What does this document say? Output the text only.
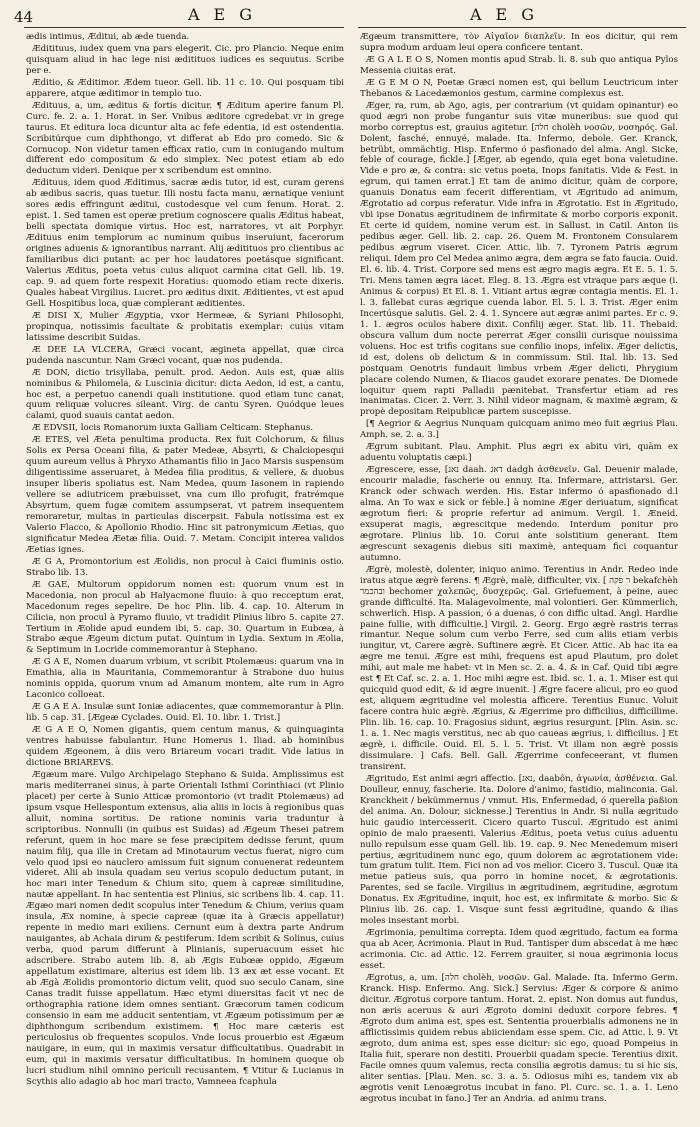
44	AEG	AEG

ædis intimus, Æditui, ab æde tuenda.

Æditituus, iudex quem vna pars elegerit. Cic. pro Plancio. Neque enim quisquam aliud in hac lege nisi æditituos iudices es sequutus. Scribe per e.

Æditio, & Æditimor. Ædem tueor. Gell. lib. 11 c. 10. Qui posquam tibi apparere, atque æditimor in templo tuo.

Ædituus, a, um, æditus & fortis dicitur. ¶ Æditum aperire fanum Pl. Curc. fe. 2. a. 1. Horat. in Ser. Vnibus æditore cgredebat vr in grege taurus. Et editura loca dicuntur alta ac fefe edentia, id est ostendentia. Scribitúrque cum diphthongo, vt differat ab Edo pro comedo. Sic & Cornucop. Non videtur tamen efficax ratio, cum in coniugando multum different edo compositum & edo simplex. Nec potest etiam ab edo deductum videri. Denique per x scribendum est omnino.

Ædituus, idem quod Æditimus, sacræ ædis tutor, id est, curam gerens ab ædibus sacris, quas tuetur. Illi nostu facta manu, ærnatique veniunt sores ædis effringunt æditui, custodesque vel cum fenum. Horat. 2. epist. 1. Sed tamen est operæ pretium cognoscere qualis Æditus habeat, belli spectata domique virtus. Hoc est, narratores, vt ait Porphyr. Ædituus enim templorum ac numinum quibus inseruiunt, facerorum origines aduenis & ignorantibus narrant. Alij æditituos pro clientibus ac familiaribus dici putant: ac per hoc laudatores poetásque significant. Valerius Æditus, poeta vetus cuius aliquot carmina citat Gell. lib. 19. cap. 9. ad quem forte respexit Horatius: quomodo etiam recte dixeris. Quales habeat Virgilius. Lucret. pro æditus dixit. Æditientes, vt est apud Gell. Hospitibus loca, quæ complerant æditientes.

Æ DISI X, Mulier Ægyptia, vxor Hermeæ, & Syriani Philosophi, propinqua, notissimis facultate & probitatis exemplar: cuius vitam latissime describit Suidas.

Æ DEE LA VLCERA, Græci vocant, ægineta appellat, quæ circa pudenda nascuntur. Nam Græci vocant, quæ nos pudenda.

Æ DON, dictio trisyllaba, penult. prod. Aedon. Auis est, quæ aliis nominibus & Philomela, & Luscinia dicitur: dicta Aedon, id est, a cantu, hoc est, a perpetuo canendi quali institutione. quod etiam tunc canat, quum reliquæ volucres sileant. Virg. de cantu Syren. Quódque leues calami, quod suauis cantat aedon.

Æ EDVSII, locis Romanorum iuxta Galliam Celticam. Stephanus.

Æ ETES, vel Æeta penultima producta. Rex fuit Colchorum, & filius Solis ex Persa Oceani filia, & pater Medeæ, Absyrti, & Chalciopesqui quum aureum vellus à Phryxo Athamantis filio in Jaco Marsis suspensum diligentissime asseruaret, à Medea filia proditus, & vellere, & duobus insuper liberis spoliatus est. Nam Medea, quum Iasonem in rapiendo vellere se adiutricem præbuisset, vna cum illo profugit, fratrémque Absyrtum, quem fugæ comitem assumpserat, vt patrem insequentem remoraretur, multas in particulas discerpsit. Fabula notissima est ex Valerio Flacco, & Apollonio Rhodio. Hinc sit patronymicum Æetias, quo significatur Medea Æetæ filia. Ouid. 7. Metam. Concipit interea validos Æetias ignes.

Æ G A, Promontorium est Æolidis, non procul à Caici fluminis ostio. Strabo lib. 13.

Æ GAE, Multorum oppidorum nomen est: quorum vnum est in Macedonia, non procul ab Halyacmone fluuio: à quo recceptum erat, Macedonum reges sepelire. De hoc Plin. lib. 4. cap. 10. Alterum in Cilicia, non procul à Pyramo fluuio, vt tradidit Plinius libro 5. capite 27. Tertium in Æolide apud eundem ibi, 5. cap. 30. Quartum in Eubœa, à Strabo æque Ægeum dictum putat. Quintum in Lydia. Sextum in Æolia, & Septimum in Locride commemorantur à Stephano.

Æ G A E, Nomen duarum vrbium, vt scribit Ptolemæus: quarum vna in Emathia, alia in Mauritania, Commemorantur à Strabone duo huius nominis oppida, quorum vnum ad Amanum montem, alte rum in Agro Laconico colloeat.

Æ G A E A. Insulæ sunt Ioniæ adiacentes, quæ commemorantur à Plin. lib. 5 cap. 31. [Ægeæ Cyclades. Ouid. El. 10. libr. 1. Trist.]

Æ G A E O, Nomen gigantis, quem centum manus, & quinquaginta ventres habuisse fabulantur. Hunc Homerus 1. Iliad. ab hominibus quidem Ægeonem, à diis vero Briareum vocari tradit. Vide latius in dictione BRIAREVS.

Ægæum mare. Vulgo Archipelago Stephano & Suida. Amplissimus est maris mediterranei sinus, à parte Orientali Isthmi Corinthiaci (vt Plinio placet) per certe à Sunio Atticæ promontorio (vt tradit Ptolemæus) ad ipsum vsque Hellespontum extensus, alia aliis in locis à regionibus quas alluit, nomina sortitus. De ratione nominis varia traduntur à scriptoribus. Nonnulli (in quibus est Suidas) ad Ægeum Thesei patrem referunt, quem in hoc mare se fese præcipitem dedisse ferunt, quum nauim filij, qua ille in Cretam ad Minotaurum vectus fuerat, nigro cum velo quod ipsi eo nauclero amissum fuit signum conuenerat redeuntem videret. Alii ab insula quadam seu verius scopulo deductum putant, in hoc mari inter Tenedum & Chium sito, quem à capreæ similitudine, nautæ appellant. In hac sententia est Plinius, sic scribens lib. 4. cap. 11. Ægæo mari nomen dedit scopulus inter Tenedum & Chium, verius quam insula, Æx nomine, à specie capreæ (quæ ita à Græcis appellatur) repente in medio mari exiliens. Cernunt eum à dextra parte Andrum nauigantes, ab Achaia dirum & pestiferum. Idem scribit & Solinus, cuius verba, quod parum differunt à Plinianis, superuacuum esset hic adscribere. Strabo autem lib. 8. ab Ægis Eubœæ oppido, Ægæum appellatum existimare, alterius est idem lib. 13 æx æt esse vocant. Et ab Ægà Æolidis promontorio dictum velit, quod suo seculo Canam, sine Canas tradit fuisse appellatum. Hæc etymi diuersitas facit vt nec de orthographia ratione idem omnes sentiant. Græcorum tamen codicum consensio in eam me adducit sententiam, vt Ægæum potissimum per æ diphthongum scribendum existimem. ¶ Hoc mare cæteris est periculosius ob frequentes scopulos. Vnde locus prouerbio est Ægæum nauigare, in eum, qui in maximis versatur difficultatibus. Quadrabit in eum, qui in maximis versatur difficultatibus. In hominem quoque ob lucri studium nihil omnino periculi recusantem. ¶ Vtitur & Lucianus in Scythis alio adagio ab hoc mari tracto, Vamneea fcaphula

Ægæum transmittere, τὸν Αἰγαῖον διαπλεῖν. In eos dicitur, qui rem supra modum arduam leui opera conficere tentant.

Æ G A L E O S, Nomen montis apud Strab. li. 8. sub quo antiqua Pylos Messenia ciuitas erat.

Æ G E M O N, Poetæ Græci nomen est, qui bellum Leuctricum inter Thebanos & Lacedæmonios gestum, carmine complexus est.

Æger, ra, rum, ab Ago, agis, per contrarium (vt quidam opinantur) eo quod ægri non probe fungantur suis vitæ muneribus: sue quod qui morbo correptus est, grauius agitetur. [חלה cholèh νοσῶν, νοσηρός. Gal. Dolent, fasché, ennuyé, malade. Ita. Infermo, debole. Ger. Kranck, betrübt, ommächtig. Hisp. Enfermo ó pasfionado del alma. Angl. Sicke, feble of courage, fickle.] [Æger, ab egendo, quia eget bona valetudine. Vide e pro æ, & contra: sic vetus poeta, Inops fanitatis. Vide & Fest. in egrum, qui tamen errat.] Et tam de animo dicitur, quàm de corpore, quanuis Donatus eam fecerit differentiam, vt Ægritudo ad animum, Ægrotatio ad corpus referatur. Vide infra in Ægrotatio. Est in Ægritudo, vbi ipse Donatus ægritudinem de infirmitate & morbo corporis exponit. Et certe id quidem, nomine verum est. in Sallust. in Catil. Anton iis pedibus æger. Gell. lib. 2. cap. 26. Quem M. Frontonem Consularem pedibus ægrum viseret. Cicer. Attic. lib. 7. Tyronem Patris ægrum reliqui. Idem pro Cel Medea animo ægra, dem ægra se fato faucia. Ouid. El. 6. lib. 4. Trist. Corpore sed mens est ægro magis ægra. Et E. 5. 1. 5. Tri. Mens tamen ægra iacet. Eleg. 8. 13. Ægra est vtraque pars æque (i. Animus & corpus) Et El. 8. 1. Vitiant artus ægræ contagia mentis. El. 1. l. 3. fallebat curas ægrique cuenda labor. El. 5. l. 3. Trist. Æger enim Incertúsque salutis. Gel. 2. 4. 1. Syncere aut ægræ animi partes. Er c. 9. 1. 1. ægros oculos habere dixit. Confilij æger. Stat. lib. 11. Thebaid. obscura vallum dum nocte pererrat Æger consilii curisque nouissima voluens. Hoc est trifis cogitans sue confilio inops, infelix. Æger delictis, id est, dolens ob delictum & in commissum. Stil. Ital. lib. 13. Sed postquam Oenotris fundauit limbus vrbem Æger delicti, Phrygium placare colendo Numen, & Iliacos gaudet exorare penates. De Diomede loquitur quem rapti Palladii pænitebat. Transfertur etiam ad res inanimatas. Cicer. 2. Verr. 3. Nihil videor magnam, & maximè ægram, & propè depositam Reipublicæ partem suscepisse.

[¶ Aegrior & Aegrius Nunquam quicquam animo meo fuit ægrius Plau. Amph. se. 2. a. 3.]

Ægrum subitant. Plau. Amphit. Plus ægri ex abitu viri, quàm ex aduentu voluptatis cæpi.]

Ægrescere, esse, [נאנ daah. דאג dadgh ἀσθενεῖν. Gal. Deuenir malade, encourir maladie, fascherie ou ennuy. Ita. Infermare, attristarsi. Ger. Kranck oder schwach werden. His. Estar infermo ó apasfionado d.l alma. An To wax e sick or feble.] à nomine Æger deriuatum, significat ægrotum fieri: & proprie refertur ad animum. Vergil. 1. Æneid. exsuperat magis, ægrescitque medendo. Interdum ponitur pro ægrotare. Plinius lib. 10. Corui ante solstitium generant. Item ægrescunt sexagenis diebus siti maximè, antequam fici coquantur autumno.

Ægrè, molestè, dolenter, iniquo animo. Terentius in Andr. Redeo inde iratus atque ægrè ferens. ¶ Ægrè, malè, difficulter, vix. [ ר פקה bekafchèh ובהכמר bechomer χαλεπῶς, δυσχερῶς. Gal. Griefuement, à peine, auec grande difficulté. Ita. Malagevolmente, mal volontieri. Ger. Kümmerlich, schwerlich. Hisp. A passion, ó a duenas, ó con diffic ultad. Angl. Hardlie paine fullie, with difficultie.] Virgil. 2. Georg. Ergo ægrè rastris terras rimantur. Neque solum cum verbo Ferre, sed cum aliis etiam verbis iungitur, vt, Carere ægrè. Suftinere ægrè. Et Cicer. Attic. Ab hac ita ea ægre me tenui. Ægre est mihi, frequens est apud Plautum, pro dolet mihi, aut male me habet: vt in Men sc. 2. a. 4. & in Caf. Quid tibi ægre est ¶ Et Caf. sc. 2. a. 1. Hoc mihi ægre est. Ibid. sc. 1. a. 1. Miser est qui quicquid quod edit, & id ægre inuenit. ] Ægre facere alicui, pro eo quod est, aliquem ægritudine vel molestia afficere. Terentius Eunuc. Voluit facere contra huic ægrè. Ægrius, & Ægerrime pro difficilius, difficillime. Plin. lib. 16. cap. 10. Fragosius sidunt, ægrius resurgunt. [Plin. Asin. sc. 1. a. 1. Nec magis verstitus, nec ab quo caueas ægrius, i. difficilius. ] Et ægrè, i. difficile. Ouid. El. 5. l. 5. Trist. Vt illam non ægrè possis dissimulare. ] Cafs. Bell. Gall. Ægerrime confeceerant, vt flumen transirent.

Ægritudo, Est animi ægri affectio. [נאנ, daabôn, ἀγωνία, ἀσθένεια. Gal. Doulleur, ennuy, fascherie. Ita. Dolore d'animo, fastidio, malinconia. Gal. Kranckheit / bekümmernus / vnmut. His. Enfermedad, ó querella paßion del anima. An. Dolour, sicknesse.] Terentius in Andr. Si nulla ægritudo huic gaudio intercesserit. Cicero quarto Tuscul. Ægritudo est animi opinio de malo praesenti. Valerius Æditus, poeta vetus cuius aduentu nullo repulsum esse quam Gell. lib. 19. cap. 9. Nec Menedemum miseri pertius, ægritudinem nunc ego, quum dolorem ac ægrotationem vide: tum gratum tulit. Item. Fici non ad vos melior. Cicero 3. Tuscul. Quæ ita metue patieus suis, qua porro in homine nocet, & ægrotationis. Parentes, sed se facile. Virgilius in ægritudinem, ægritudine, ægrotum Donatus. Ex Ægritudine, inquit, hoc est, ex infirmitate & morbo. Sic & Plinius lib. 26. cap. 1. Visque sunt fessi ægritudine, quando & ilias moles insestant morbi.

Ægrimonia, penultima correpta. Idem quod ægritudo, factum ea forma qua ab Acer, Acrimonia. Plaut in Rud. Tantisper dum abscedat à me hæc acrimonia. Cic. ad Attic. 12. Ferrem grauiter, si noua ægrimonia locus esset.

Ægrotus, a, um. [חלה cholèh, νοσῶν. Gal. Malade. Ita. Infermo Germ. Kranck. Hisp. Enfermo. Ang. Sick.] Servius: Æger & corpore & animo dicitur. Ægrotus corpore tantum. Horat. 2. epist. Non domus aut fundus, non æris aceruus & auri Ægroto domini deduxit corpore febres. ¶ Ægroto dum anima est, spes est. Sententia prouerbialis admonens ne in afflictissimis quidem rebus abiiciendam esse spem. Cic. ad Attic. l. 9. Vt ægroto, dum anima est, spes esse dicitur: sic ego, quoad Pompeius in Italia fuit, sperare non destiti. Prouerbii quadam specie. Terentius dixit. Facile omnes quum valemus, recta consilia ægrotis damus: tu si hic sis, aliter sentias. [Plau. Men. sc. 3. a. 5. Odiosus mihi es, tandem vix ab ægrotis venit Lenoægrotus incubat in fano. Pl. Curc. sc. 1. a. 1. Leno ægrotus incubat in fano.] Ter an Andria. ad animu trans.
